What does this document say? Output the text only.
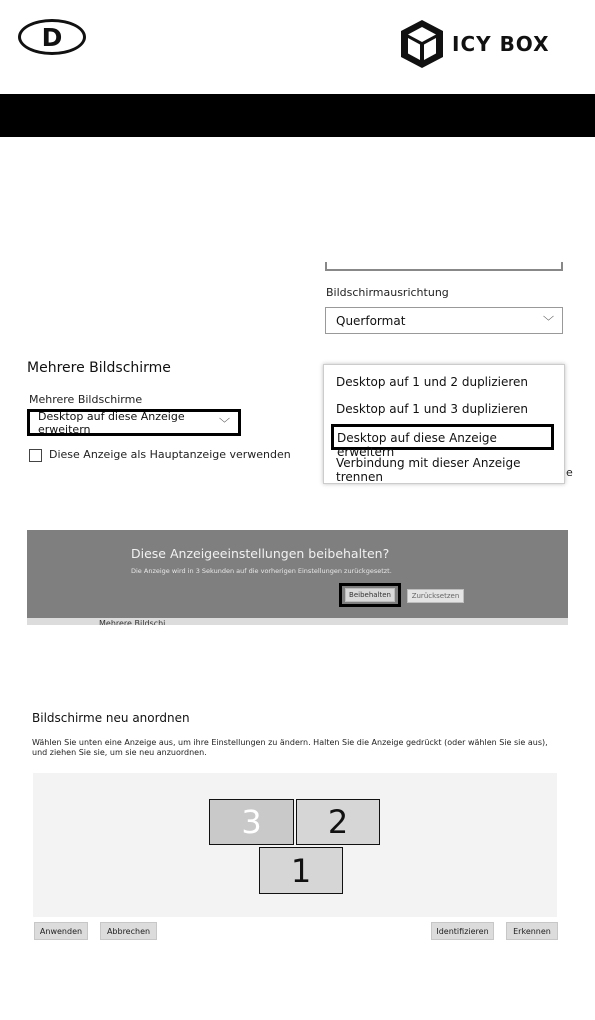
D	ICY BOX
Bildschirmausrichtung
Querformat	﹀
Mehrere Bildschirme
Mehrere Bildschirme
Desktop auf diese Anzeige erweitern	﹀
Diese Anzeige als Hauptanzeige verwenden
Desktop auf 1 und 2 duplizieren
Desktop auf 1 und 3 duplizieren
Desktop auf diese Anzeige erweitern
Verbindung mit dieser Anzeige trennen	e
Diese Anzeigeeinstellungen beibehalten?
Die Anzeige wird in 3 Sekunden auf die vorherigen Einstellungen zurückgesetzt.
Beibehalten	Zurücksetzen
Mehrere Bildschi
Bildschirme neu anordnen
Wählen Sie unten eine Anzeige aus, um ihre Einstellungen zu ändern. Halten Sie die Anzeige gedrückt (oder wählen Sie sie aus), und ziehen Sie sie, um sie neu anzuordnen.
3	2
1
Anwenden	Abbrechen	Identifizieren	Erkennen
